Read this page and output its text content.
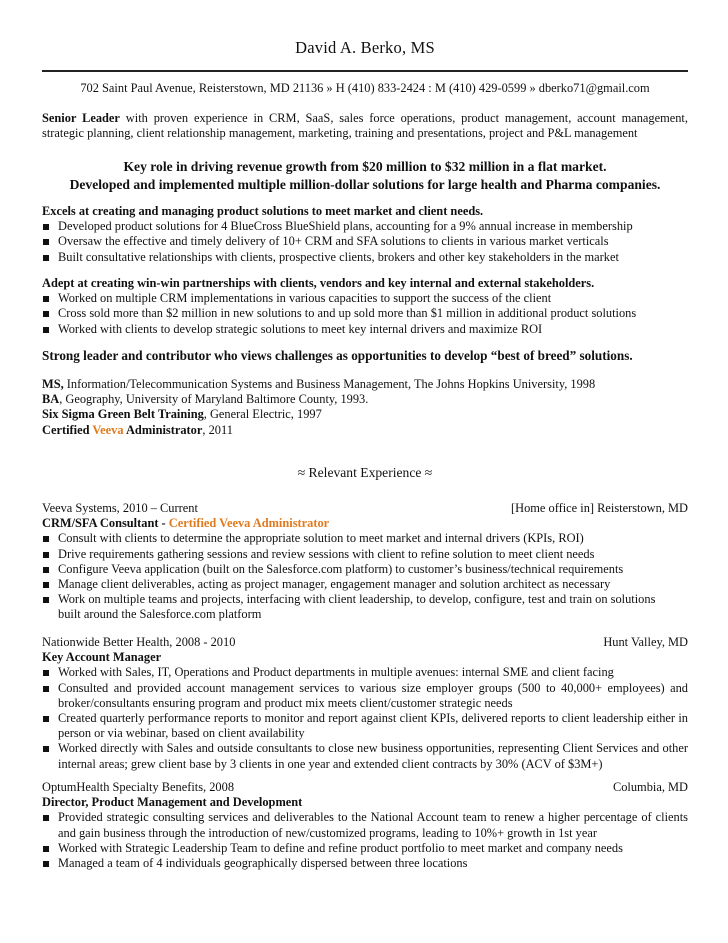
David A. Berko, MS
702 Saint Paul Avenue, Reisterstown, MD 21136 » H (410) 833-2424 : M (410) 429-0599 » dberko71@gmail.com
Senior Leader with proven experience in CRM, SaaS, sales force operations, product management, account management, strategic planning, client relationship management, marketing, training and presentations, project and P&L management
Key role in driving revenue growth from $20 million to $32 million in a flat market.
Developed and implemented multiple million-dollar solutions for large health and Pharma companies.
Excels at creating and managing product solutions to meet market and client needs.
Developed product solutions for 4 BlueCross BlueShield plans, accounting for a 9% annual increase in membership
Oversaw the effective and timely delivery of 10+ CRM and SFA solutions to clients in various market verticals
Built consultative relationships with clients, prospective clients, brokers and other key stakeholders in the market
Adept at creating win-win partnerships with clients, vendors and key internal and external stakeholders.
Worked on multiple CRM implementations in various capacities to support the success of the client
Cross sold more than $2 million in new solutions to and up sold more than $1 million in additional product solutions
Worked with clients to develop strategic solutions to meet key internal drivers and maximize ROI
Strong leader and contributor who views challenges as opportunities to develop “best of breed” solutions.
MS, Information/Telecommunication Systems and Business Management, The Johns Hopkins University, 1998
BA, Geography, University of Maryland Baltimore County, 1993.
Six Sigma Green Belt Training, General Electric, 1997
Certified Veeva Administrator, 2011
≈ Relevant Experience ≈
Veeva Systems, 2010 – Current	[Home office in] Reisterstown, MD
CRM/SFA Consultant - Certified Veeva Administrator
Consult with clients to determine the appropriate solution to meet market and internal drivers (KPIs, ROI)
Drive requirements gathering sessions and review sessions with client to refine solution to meet client needs
Configure Veeva application (built on the Salesforce.com platform) to customer’s business/technical requirements
Manage client deliverables, acting as project manager, engagement manager and solution architect as necessary
Work on multiple teams and projects, interfacing with client leadership, to develop, configure, test and train on solutions built around the Salesforce.com platform
Nationwide Better Health, 2008 - 2010	Hunt Valley, MD
Key Account Manager
Worked with Sales, IT, Operations and Product departments in multiple avenues: internal SME and client facing
Consulted and provided account management services to various size employer groups (500 to 40,000+ employees) and broker/consultants ensuring program and product mix meets client/customer strategic needs
Created quarterly performance reports to monitor and report against client KPIs, delivered reports to client leadership either in person or via webinar, based on client availability
Worked directly with Sales and outside consultants to close new business opportunities, representing Client Services and other internal areas; grew client base by 3 clients in one year and extended client contracts by 30% (ACV of $3M+)
OptumHealth Specialty Benefits, 2008	Columbia, MD
Director, Product Management and Development
Provided strategic consulting services and deliverables to the National Account team to renew a higher percentage of clients and gain business through the introduction of new/customized programs, leading to 10%+ growth in 1st year
Worked with Strategic Leadership Team to define and refine product portfolio to meet market and company needs
Managed a team of 4 individuals geographically dispersed between three locations
